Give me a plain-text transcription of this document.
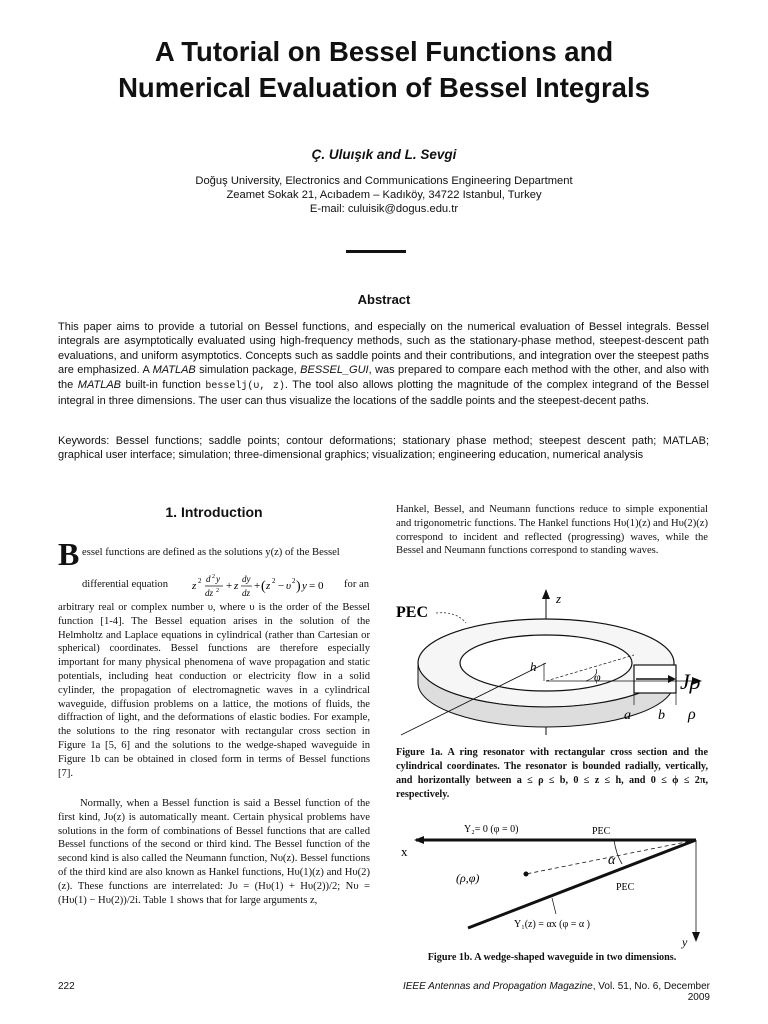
A Tutorial on Bessel Functions and
Numerical Evaluation of Bessel Integrals
Ç. Uluışık and L. Sevgi
Doğuş University, Electronics and Communications Engineering Department
Zeamet Sokak 21, Acıbadem – Kadıköy, 34722 Istanbul, Turkey
E-mail: culuisik@dogus.edu.tr
Abstract
This paper aims to provide a tutorial on Bessel functions, and especially on the numerical evaluation of Bessel integrals. Bessel integrals are asymptotically evaluated using high-frequency methods, such as the stationary-phase method, steepest-descent path evaluations, and uniform asymptotics. Concepts such as saddle points and their contributions, and integration over the steepest paths are emphasized. A MATLAB simulation package, BESSEL_GUI, was prepared to compare each method with the other, and also with the MATLAB built-in function besselj(υ, z). The tool also allows plotting the magnitude of the complex integrand of the Bessel integral in three dimensions. The user can thus visualize the locations of the saddle points and the steepest-decent paths.
Keywords: Bessel functions; saddle points; contour deformations; stationary phase method; steepest descent path; MATLAB; graphical user interface; simulation; three-dimensional graphics; visualization; engineering education, numerical analysis
1. Introduction
B essel functions are defined as the solutions y(z) of the Bessel
differential equation z 2 d 2 y
dz 2 + z
dy
dz
+ ( z 2 − υ 2 ) y = 0 for an
arbitrary real or complex number υ, where υ is the order of the Bessel function [1-4]. The Bessel equation arises in the solution of the Helmholtz and Laplace equations in cylindrical (rather than Cartesian or spherical) coordinates. Bessel functions are therefore especially important for many physical phenomena of wave propagation and static potentials, including heat conduction or electricity flow in a solid cylinder, the propagation of electromagnetic waves in a cylindrical waveguide, diffusion problems on a lattice, the motions of fluids, the diffraction of light, and the deformations of elastic bodies. For example, the solutions to the ring resonator with rectangular cross section in Figure 1a [5, 6] and the solutions to the wedge-shaped waveguide in Figure 1b can be obtained in closed form in terms of Bessel functions [7].
Normally, when a Bessel function is said a Bessel function of the first kind, Jυ(z) is automatically meant. Certain physical problems have solutions in the form of combinations of Bessel functions that are called Bessel functions of the second or third kind. The Bessel function of the second kind is also called the Neumann function, Nυ(z). Bessel functions of the third kind are also known as Hankel functions, Hυ(1)(z) and Hυ(2)(z). These functions are interrelated: Jυ = (Hυ(1) + Hυ(2))/2; Nυ = (Hυ(1) − Hυ(2))/2i. Table 1 shows that for large arguments z,
Hankel, Bessel, and Neumann functions reduce to simple exponential and trigonometric functions. The Hankel functions Hυ(1)(z) and Hυ(2)(z) correspond to incident and reflected (progressing) waves, while the Bessel and Neumann functions correspond to standing waves.
z
φ
h
Jρ
a b ρ
PEC
Figure 1a. A ring resonator with rectangular cross section and the cylindrical coordinates. The resonator is bounded radially, vertically, and horizontally between a ≤ ρ ≤ b, 0 ≤ z ≤ h, and 0 ≤ ϕ ≤ 2π, respectively.
Y₂= 0 (φ = 0)	PEC
x
α
(ρ,φ)
PEC
Y₁(z) = αx (φ = α )
y
Figure 1b. A wedge-shaped waveguide in two dimensions.
222	IEEE Antennas and Propagation Magazine, Vol. 51, No. 6, December 2009
